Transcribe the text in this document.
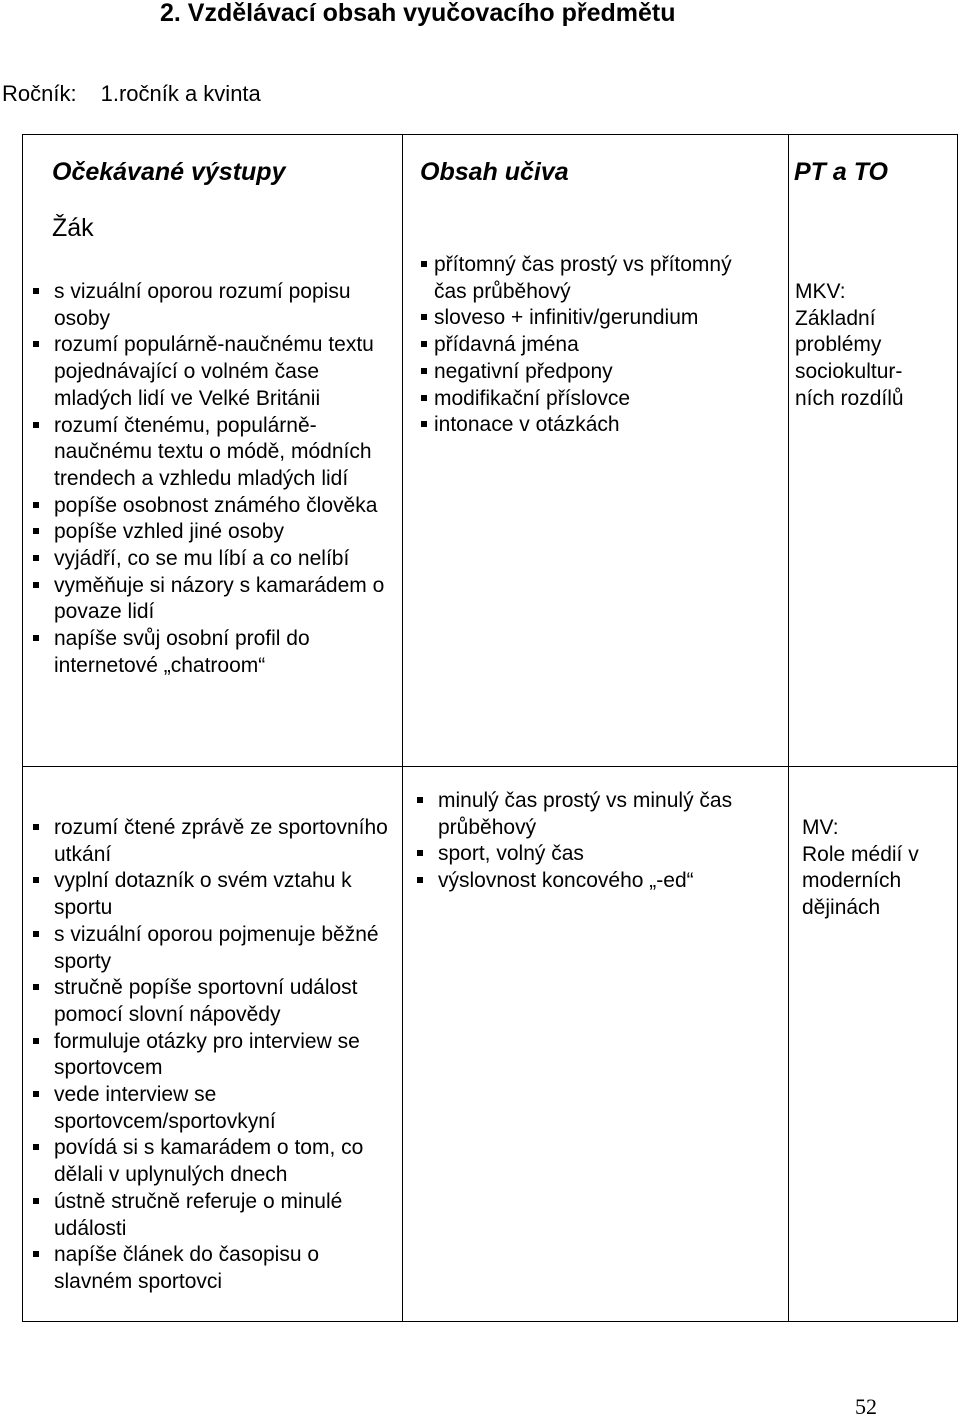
2. Vzdělávací obsah vyučovacího předmětu
Ročník: 1.ročník a kvinta
Očekávané výstupy	Obsah učiva	PT a TO
Žák
s vizuální oporou rozumí popisu osoby
rozumí populárně-naučnému textu pojednávající o volném čase mladých lidí ve Velké Británii
rozumí čtenému, populárně-naučnému textu o módě, módních trendech a vzhledu mladých lidí
popíše osobnost známého člověka
popíše vzhled jiné osoby
vyjádří, co se mu líbí a co nelíbí
vyměňuje si názory s kamarádem o povaze lidí
napíše svůj osobní profil do internetové „chatroom“
přítomný čas prostý vs přítomný čas průběhový
sloveso + infinitiv/gerundium
přídavná jména
negativní předpony
modifikační příslovce
intonace v otázkách
MKV:
Základní problémy sociokultur-ních rozdílů
rozumí čtené zprávě ze sportovního utkání
vyplní dotazník o svém vztahu k sportu
s vizuální oporou pojmenuje běžné sporty
stručně popíše sportovní událost pomocí slovní nápovědy
formuluje otázky pro interview se sportovcem
vede interview se sportovcem/sportovkyní
povídá si s kamarádem o tom, co dělali v uplynulých dnech
ústně stručně referuje o minulé události
napíše článek do časopisu o slavném sportovci
minulý čas prostý vs minulý čas průběhový
sport, volný čas
výslovnost koncového „-ed“
MV:
Role médií v moderních dějinách
52
